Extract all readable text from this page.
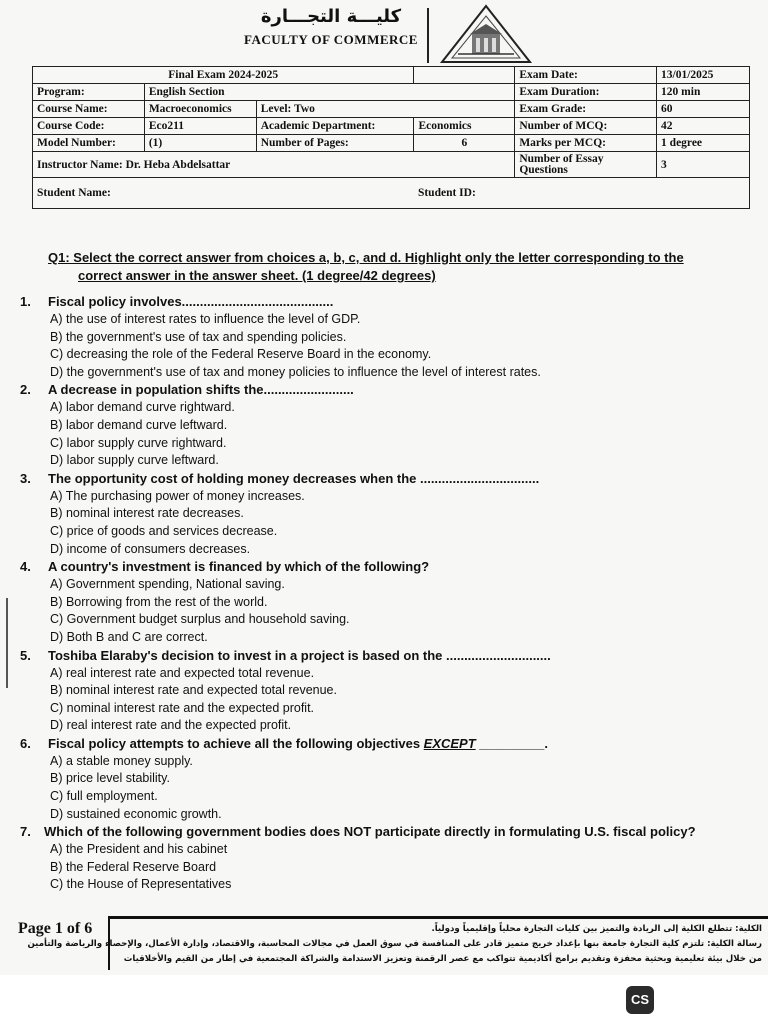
كليـــة التجـــارة
FACULTY OF COMMERCE
Final Exam 2024-2025				Exam Date:	13/01/2025
Program:	English Section			Exam Duration:	120 min
Course Name:	Macroeconomics	Level: Two		Exam Grade:	60
Course Code:	Eco211	Academic Department:	Economics	Number of MCQ:	42
Model Number:	(1)	Number of Pages:	6	Marks per MCQ:	1 degree
Instructor Name: Dr. Heba Abdelsattar				Number of Essay Questions	3
Student Name:			Student ID:		
Q1: Select the correct answer from choices a, b, c, and d. Highlight only the letter corresponding to the
correct answer in the answer sheet. (1 degree/42 degrees)
1. Fiscal policy involves..........................................
A) the use of interest rates to influence the level of GDP.
B) the government's use of tax and spending policies.
C) decreasing the role of the Federal Reserve Board in the economy.
D) the government's use of tax and money policies to influence the level of interest rates.
2. A decrease in population shifts the.........................
A) labor demand curve rightward.
B) labor demand curve leftward.
C) labor supply curve rightward.
D) labor supply curve leftward.
3. The opportunity cost of holding money decreases when the .................................
A) The purchasing power of money increases.
B) nominal interest rate decreases.
C) price of goods and services decrease.
D) income of consumers decreases.
4. A country's investment is financed by which of the following?
A) Government spending, National saving.
B) Borrowing from the rest of the world.
C) Government budget surplus and household saving.
D) Both B and C are correct.
5. Toshiba Elaraby's decision to invest in a project is based on the .............................
A) real interest rate and expected total revenue.
B) nominal interest rate and expected total revenue.
C) nominal interest rate and the expected profit.
D) real interest rate and the expected profit.
6. Fiscal policy attempts to achieve all the following objectives EXCEPT _________.
A) a stable money supply.
B) price level stability.
C) full employment.
D) sustained economic growth.
7. Which of the following government bodies does NOT participate directly in formulating U.S. fiscal policy?
A) the President and his cabinet
B) the Federal Reserve Board
C) the House of Representatives
Page 1 of 6	الكلية: تتطلع الكلية إلى الريادة والتميز بين كليات التجارة محلياً وإقليمياً ودولياً.
رسالة الكلية: تلتزم كلية التجارة جامعة بنها بإعداد خريج متميز قادر على المنافسة في سوق العمل في مجالات المحاسبة، والاقتصاد، وإدارة الأعمال، والإحصاء والرياضة والتأمين
من خلال بيئة تعليمية وبحثية محفزة وتقديم برامج أكاديمية تتواكب مع عصر الرقمنة وتعزيز الاستدامة والشراكة المجتمعية في إطار من القيم والأخلاقيات
CS
